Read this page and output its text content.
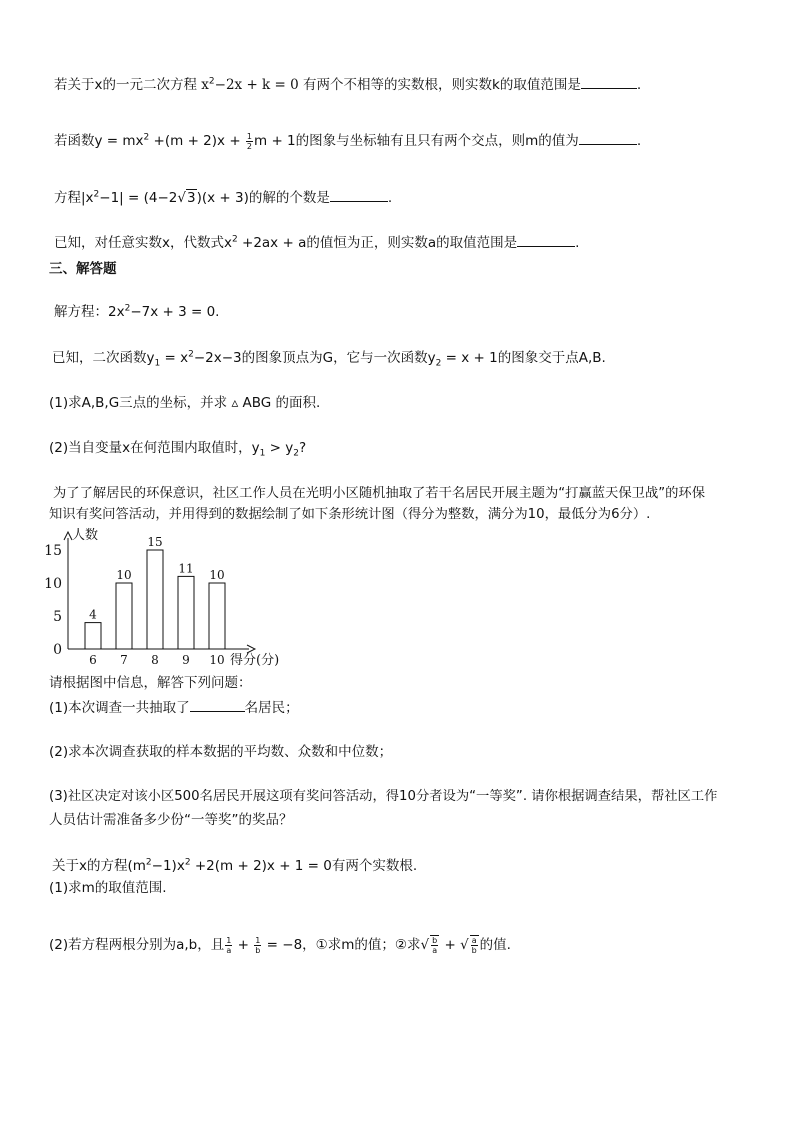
若关于x的一元二次方程 $x^2-2x + k = 0$ 有两个不相等的实数根，则实数k的取值范围是	.
若函数$y = mx^2 +(m + 2)x + \frac{1}{2}$ m + 1的图象与坐标轴有且只有两个交点，则m的值为	.
方程$|x^2-1| = (4-2√3)(x + 3)$的解的个数是	.
已知，对任意实数x，代数式$x^2 +2ax + a$的值恒为正，则实数a的取值范围是	.
三、解答题
解方程：$2x^2-7x + 3 = 0$.
已知，二次函数$y_1 = x^2-2x-3$的图象顶点为G，它与一次函数$y_2 = x + 1$的图象交于点A,B.
(1)求A,B,G三点的坐标，并求 ▵ ABG 的面积.
(2)当自变量x在何范围内取值时，$y_1 > y_2$?
为了了解居民的环保意识，社区工作人员在光明小区随机抽取了若干名居民开展主题为“打赢蓝天保卫战”的环保
知识有奖问答活动，并用得到的数据绘制了如下条形统计图（得分为整数，满分为10，最低分为6分）.
人数
得分(分)
0
5
10
15
4
6
10
7
15
8
11
9
10
10
请根据图中信息，解答下列问题：
(1)本次调查一共抽取了	名居民；
(2)求本次调查获取的样本数据的平均数、众数和中位数；
(3)社区决定对该小区500名居民开展这项有奖问答活动，得10分者设为“一等奖”. 请你根据调查结果，帮社区工作
人员估计需准备多少份“一等奖”的奖品？
关于x的方程$(m^2-1)x^2 +2(m + 2)x + 1 = 0$有两个实数根.
(1)求m的取值范围.
(2)若方程两根分别为a,b，且 $\frac{1}{a} + \frac{1}{b} = -8$，①求m的值；②求√ $\frac{b}{a}$ + √ $\frac{a}{b}$ 的值.
